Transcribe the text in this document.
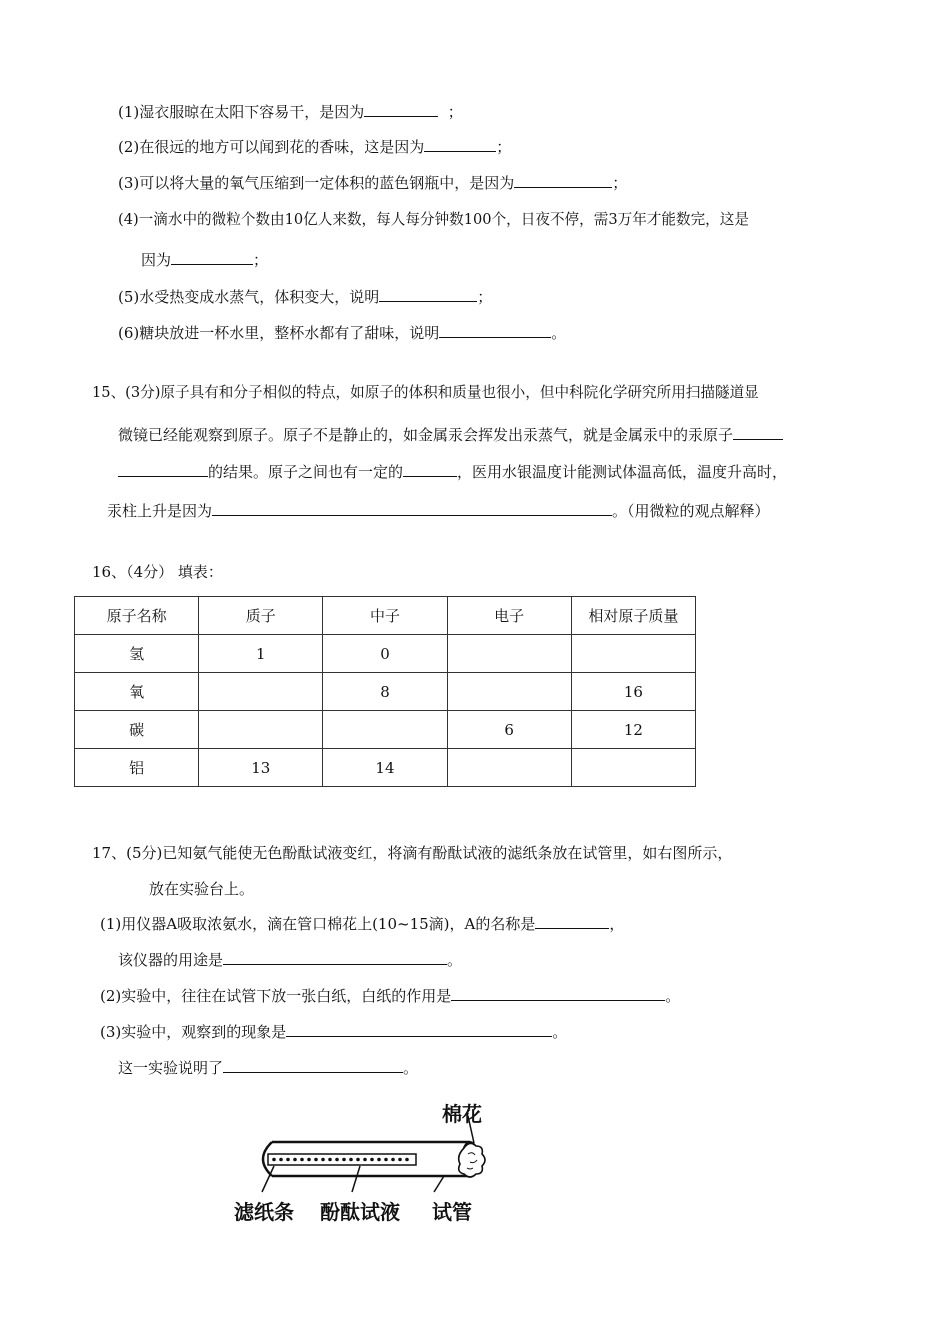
(1)湿衣服晾在太阳下容易干，是因为	；
(2)在很远的地方可以闻到花的香味，这是因为	；
(3)可以将大量的氧气压缩到一定体积的蓝色钢瓶中，是因为	；
(4)一滴水中的微粒个数由10亿人来数，每人每分钟数100个，日夜不停，需3万年才能数完，这是
因为	；
(5)水受热变成水蒸气，体积变大，说明	；
(6)糖块放进一杯水里，整杯水都有了甜味，说明	。
15、(3分)原子具有和分子相似的特点，如原子的体积和质量也很小，但中科院化学研究所用扫描隧道显
微镜已经能观察到原子。原子不是静止的，如金属汞会挥发出汞蒸气，就是金属汞中的汞原子
的结果。原子之间也有一定的	，医用水银温度计能测试体温高低，温度升高时，
汞柱上升是因为	。（用微粒的观点解释）
16、（4分） 填表：
原子名称	质子	中子	电子	相对原子质量
氢	1	0		
氧		8		16
碳			6	12
铝	13	14		
17、(5分)已知氨气能使无色酚酞试液变红，将滴有酚酞试液的滤纸条放在试管里，如右图所示，
放在实验台上。
(1)用仪器A吸取浓氨水，滴在管口棉花上(10~15滴)，A的名称是	，
该仪器的用途是	。
(2)实验中，往往在试管下放一张白纸，白纸的作用是	。
(3)实验中，观察到的现象是	。
这一实验说明了	。
棉花
滤纸条 酚酞试液 试管
